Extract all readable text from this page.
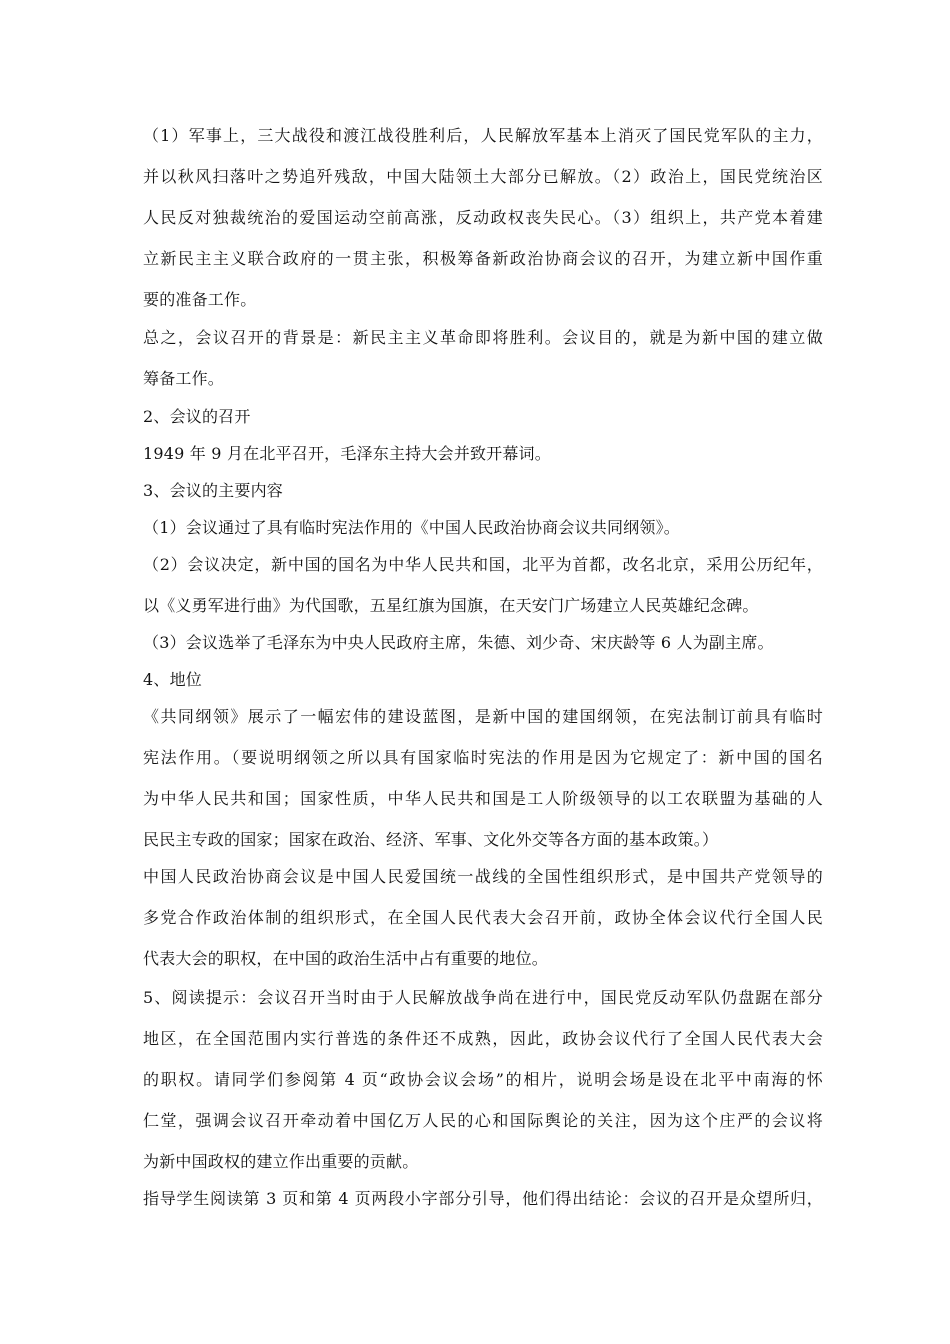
（1）军事上，三大战役和渡江战役胜利后，人民解放军基本上消灭了国民党军队的主力，
并以秋风扫落叶之势追歼残敌，中国大陆领土大部分已解放。（2）政治上，国民党统治区
人民反对独裁统治的爱国运动空前高涨，反动政权丧失民心。（3）组织上，共产党本着建
立新民主主义联合政府的一贯主张，积极筹备新政治协商会议的召开，为建立新中国作重
要的准备工作。
总之，会议召开的背景是：新民主主义革命即将胜利。会议目的，就是为新中国的建立做
筹备工作。
2、会议的召开
1949 年 9 月在北平召开，毛泽东主持大会并致开幕词。
3、会议的主要内容
（1）会议通过了具有临时宪法作用的《中国人民政治协商会议共同纲领》。
（2）会议决定，新中国的国名为中华人民共和国，北平为首都，改名北京，采用公历纪年，
以《义勇军进行曲》为代国歌，五星红旗为国旗，在天安门广场建立人民英雄纪念碑。
（3）会议选举了毛泽东为中央人民政府主席，朱德、刘少奇、宋庆龄等 6 人为副主席。
4、地位
《共同纲领》展示了一幅宏伟的建设蓝图，是新中国的建国纲领，在宪法制订前具有临时
宪法作用。（要说明纲领之所以具有国家临时宪法的作用是因为它规定了：新中国的国名
为中华人民共和国；国家性质，中华人民共和国是工人阶级领导的以工农联盟为基础的人
民民主专政的国家；国家在政治、经济、军事、文化外交等各方面的基本政策。）
中国人民政治协商会议是中国人民爱国统一战线的全国性组织形式，是中国共产党领导的
多党合作政治体制的组织形式，在全国人民代表大会召开前，政协全体会议代行全国人民
代表大会的职权，在中国的政治生活中占有重要的地位。
5、阅读提示：会议召开当时由于人民解放战争尚在进行中，国民党反动军队仍盘踞在部分
地区，在全国范围内实行普选的条件还不成熟，因此，政协会议代行了全国人民代表大会
的职权。请同学们参阅第 4 页“政协会议会场”的相片，说明会场是设在北平中南海的怀
仁堂，强调会议召开牵动着中国亿万人民的心和国际舆论的关注，因为这个庄严的会议将
为新中国政权的建立作出重要的贡献。
指导学生阅读第 3 页和第 4 页两段小字部分引导，他们得出结论：会议的召开是众望所归，
